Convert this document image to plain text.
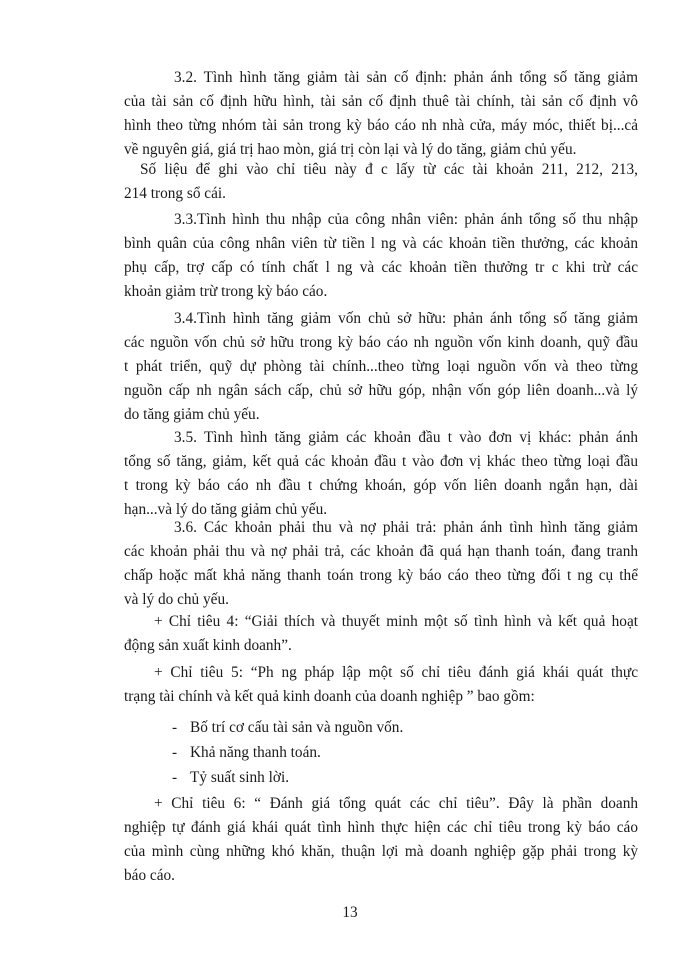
3.2. Tình hình tăng giảm tài sản cố định: phản ánh tổng số tăng giảm
của tài sản cố định hữu hình, tài sản cố định thuê tài chính, tài sản cố định vô
hình theo từng nhóm tài sản trong kỳ báo cáo nh nhà cửa, máy móc, thiết bị...cả
về nguyên giá, giá trị hao mòn, giá trị còn lại và lý do tăng, giảm chủ yếu.
Số liệu để ghi vào chỉ tiêu này đ c lấy từ các tài khoản 211, 212, 213,
214 trong sổ cái.
3.3.Tình hình thu nhập của công nhân viên: phản ánh tổng số thu nhập
bình quân của công nhân viên từ tiền l ng và các khoản tiền thưởng, các khoản
phụ cấp, trợ cấp có tính chất l ng và các khoản tiền thưởng tr c khi trừ các
khoản giảm trừ trong kỳ báo cáo.
3.4.Tình hình tăng giảm vốn chủ sở hữu: phản ánh tổng số tăng giảm
các nguồn vốn chủ sở hữu trong kỳ báo cáo nh nguồn vốn kinh doanh, quỹ đầu
t phát triển, quỹ dự phòng tài chính...theo từng loại nguồn vốn và theo từng
nguồn cấp nh ngân sách cấp, chủ sở hữu góp, nhận vốn góp liên doanh...và lý
do tăng giảm chủ yếu.
3.5. Tình hình tăng giảm các khoản đầu t vào đơn vị khác: phản ánh
tổng số tăng, giảm, kết quả các khoản đầu t vào đơn vị khác theo từng loại đầu
t trong kỳ báo cáo nh đầu t chứng khoán, góp vốn liên doanh ngắn hạn, dài
hạn...và lý do tăng giảm chủ yếu.
3.6. Các khoản phải thu và nợ phải trả: phản ánh tình hình tăng giảm
các khoản phải thu và nợ phải trả, các khoản đã quá hạn thanh toán, đang tranh
chấp hoặc mất khả năng thanh toán trong kỳ báo cáo theo từng đối t ng cụ thể
và lý do chủ yếu.
+ Chỉ tiêu 4: “Giải thích và thuyết minh một số tình hình và kết quả hoạt
động sản xuất kinh doanh”.
+ Chỉ tiêu 5: “Ph ng pháp lập một số chỉ tiêu đánh giá khái quát thực
trạng tài chính và kết quả kinh doanh của doanh nghiệp ” bao gồm:
- Bố trí cơ cấu tài sản và nguồn vốn.
- Khả năng thanh toán.
- Tỷ suất sinh lời.
+ Chỉ tiêu 6: “ Đánh giá tổng quát các chỉ tiêu”. Đây là phần doanh
nghiệp tự đánh giá khái quát tình hình thực hiện các chỉ tiêu trong kỳ báo cáo
của mình cùng những khó khăn, thuận lợi mà doanh nghiệp gặp phải trong kỳ
báo cáo.
13
